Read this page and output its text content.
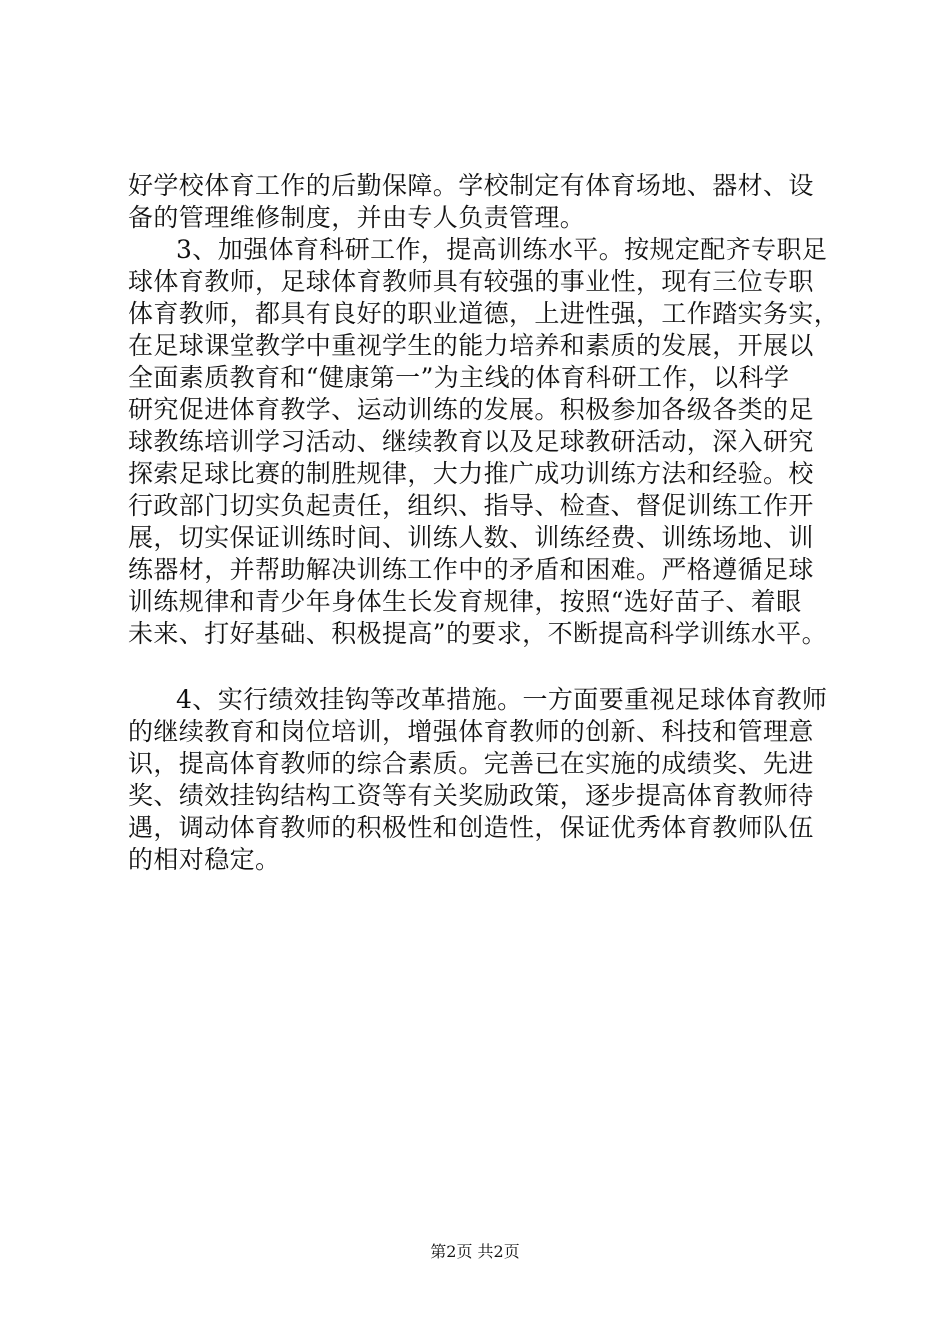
好学校体育工作的后勤保障。学校制定有体育场地、器材、设
备的管理维修制度，并由专人负责管理。
3、加强体育科研工作，提高训练水平。按规定配齐专职足
球体育教师，足球体育教师具有较强的事业性，现有三位专职
体育教师，都具有良好的职业道德，上进性强，工作踏实务实，
在足球课堂教学中重视学生的能力培养和素质的发展，开展以
全面素质教育和“健康第一”为主线的体育科研工作，以科学
研究促进体育教学、运动训练的发展。积极参加各级各类的足
球教练培训学习活动、继续教育以及足球教研活动，深入研究
探索足球比赛的制胜规律，大力推广成功训练方法和经验。校
行政部门切实负起责任，组织、指导、检查、督促训练工作开
展，切实保证训练时间、训练人数、训练经费、训练场地、训
练器材，并帮助解决训练工作中的矛盾和困难。严格遵循足球
训练规律和青少年身体生长发育规律，按照“选好苗子、着眼
未来、打好基础、积极提高”的要求，不断提高科学训练水平。
4、实行绩效挂钩等改革措施。一方面要重视足球体育教师
的继续教育和岗位培训，增强体育教师的创新、科技和管理意
识，提高体育教师的综合素质。完善已在实施的成绩奖、先进
奖、绩效挂钩结构工资等有关奖励政策，逐步提高体育教师待
遇，调动体育教师的积极性和创造性，保证优秀体育教师队伍
的相对稳定。
第2页 共2页
